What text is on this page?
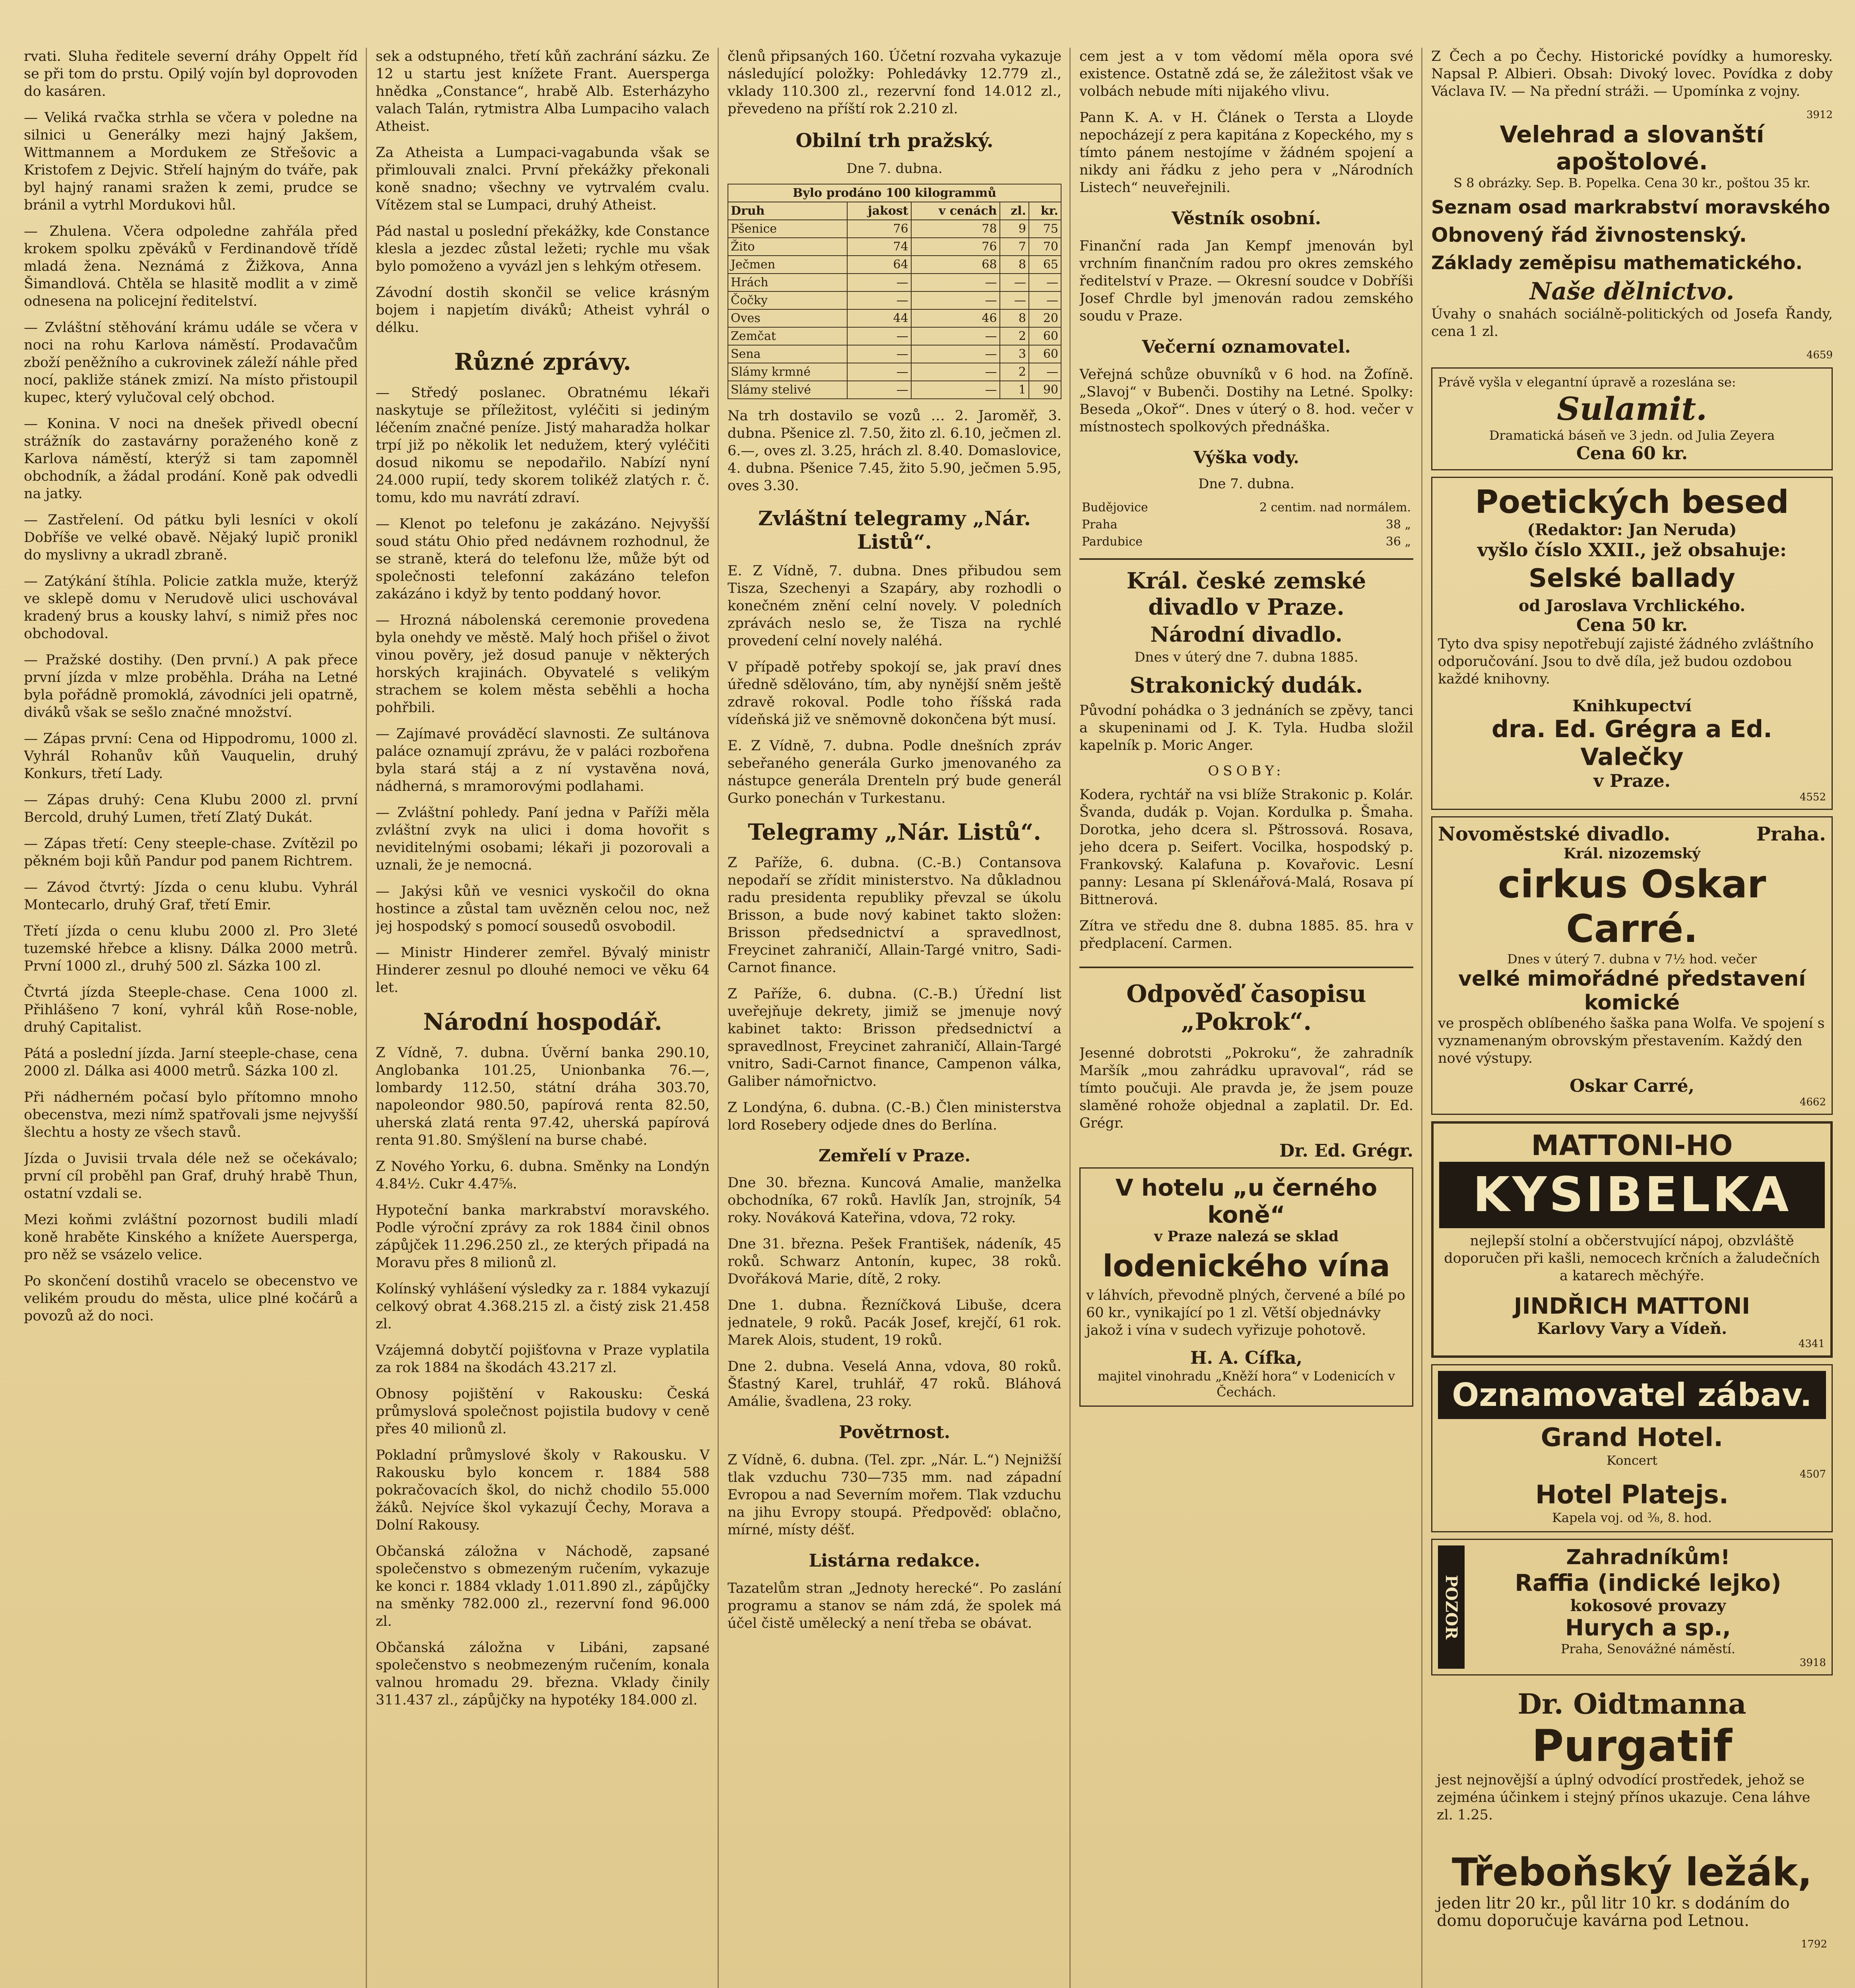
rvati. Sluha ředitele severní dráhy Oppelt říd se při tom do prstu. Opilý vojín byl doprovoden do kasáren.

— Veliká rvačka strhla se včera v poledne na silnici u Generálky mezi hajný Jakšem, Wittmannem a Mordukem ze Střešovic a Kristofem z Dejvic. Střelí hajným do tváře, pak byl hajný ranami sražen k zemi, prudce se bránil a vytrhl Mordukovi hůl.

— Zhulena. Včera odpoledne zahřála před krokem spolku zpěváků v Ferdinandově třídě mladá žena. Neznámá z Žižkova, Anna Šimandlová. Chtěla se hlasitě modlit a v zimě odnesena na policejní ředitelství.

— Zvláštní stěhování krámu udále se včera v noci na rohu Karlova náměstí. Prodavačům zboží peněžního a cukrovinek záleží náhle před nocí, pakliže stánek zmizí. Na místo přistoupil kupec, který vylučoval celý obchod.

— Konina. V noci na dnešek přivedl obecní strážník do zastavárny poraženého koně z Karlova náměstí, kterýž si tam zapomněl obchodník, a žádal prodání. Koně pak odvedli na jatky.

— Zastřelení. Od pátku byli lesníci v okolí Dobříše ve velké obavě. Nějaký lupič pronikl do myslivny a ukradl zbraně.

— Zatýkání štíhla. Policie zatkla muže, kterýž ve sklepě domu v Nerudově ulici uschovával kradený brus a kousky lahví, s nimiž přes noc obchodoval.

— Pražské dostihy. (Den první.) A pak přece první jízda v mlze proběhla. Dráha na Letné byla pořádně promoklá, závodníci jeli opatrně, diváků však se sešlo značné množství.

— Zápas první: Cena od Hippodromu, 1000 zl. Vyhrál Rohanův kůň Vauquelin, druhý Konkurs, třetí Lady.

— Zápas druhý: Cena Klubu 2000 zl. první Bercold, druhý Lumen, třetí Zlatý Dukát.

— Zápas třetí: Ceny steeple-chase. Zvítězil po pěkném boji kůň Pandur pod panem Richtrem.

— Závod čtvrtý: Jízda o cenu klubu. Vyhrál Montecarlo, druhý Graf, třetí Emir.

Třetí jízda o cenu klubu 2000 zl. Pro 3leté tuzemské hřebce a klisny. Dálka 2000 metrů. První 1000 zl., druhý 500 zl. Sázka 100 zl.

Čtvrtá jízda Steeple-chase. Cena 1000 zl. Přihlášeno 7 koní, vyhrál kůň Rose-noble, druhý Capitalist.

Pátá a poslední jízda. Jarní steeple-chase, cena 2000 zl. Dálka asi 4000 metrů. Sázka 100 zl.

Při nádherném počasí bylo přítomno mnoho obecenstva, mezi nímž spatřovali jsme nejvyšší šlechtu a hosty ze všech stavů.

Jízda o Juvisii trvala déle než se očekávalo; první cíl proběhl pan Graf, druhý hrabě Thun, ostatní vzdali se.

Mezi koňmi zvláštní pozornost budili mladí koně hraběte Kinského a knížete Auersperga, pro něž se vsázelo velice.

Po skončení dostihů vracelo se obecenstvo ve velikém proudu do města, ulice plné kočárů a povozů až do noci.

sek a odstupného, třetí kůň zachrání sázku. Ze 12 u startu jest knížete Frant. Auersperga hnědka „Constance“, hrabě Alb. Esterházyho valach Talán, rytmistra Alba Lumpaciho valach Atheist.

Za Atheista a Lumpaci-vagabunda však se přimlouvali znalci. První překážky překonali koně snadno; všechny ve vytrvalém cvalu. Vítězem stal se Lumpaci, druhý Atheist.

Pád nastal u poslední překážky, kde Constance klesla a jezdec zůstal ležeti; rychle mu však bylo pomoženo a vyvázl jen s lehkým otřesem.

Závodní dostih skončil se velice krásným bojem i napjetím diváků; Atheist vyhrál o délku.

Různé zprávy.

— Středý poslanec. Obratnému lékaři naskytuje se příležitost, vyléčiti si jediným léčením značné peníze. Jistý maharadža holkar trpí již po několik let nedužem, který vyléčiti dosud nikomu se nepodařilo. Nabízí nyní 24.000 rupií, tedy skorem tolikéž zlatých r. č. tomu, kdo mu navrátí zdraví.

— Klenot po telefonu je zakázáno. Nejvyšší soud státu Ohio před nedávnem rozhodnul, že se straně, která do telefonu lže, může být od společnosti telefonní zakázáno telefon zakázáno i když by tento poddaný hovor.

— Hrozná nábolenská ceremonie provedena byla onehdy ve městě. Malý hoch přišel o život vinou pověry, jež dosud panuje v některých horských krajinách. Obyvatelé s velikým strachem se kolem města seběhli a hocha pohřbili.

— Zajímavé prováděcí slavnosti. Ze sultánova paláce oznamují zprávu, že v paláci rozbořena byla stará stáj a z ní vystavěna nová, nádherná, s mramorovými podlahami.

— Zvláštní pohledy. Paní jedna v Paříži měla zvláštní zvyk na ulici i doma hovořit s neviditelnými osobami; lékaři ji pozorovali a uznali, že je nemocná.

— Jakýsi kůň ve vesnici vyskočil do okna hostince a zůstal tam uvězněn celou noc, než jej hospodský s pomocí sousedů osvobodil.

— Ministr Hinderer zemřel. Bývalý ministr Hinderer zesnul po dlouhé nemoci ve věku 64 let.

Národní hospodář.

Z Vídně, 7. dubna. Úvěrní banka 290.10, Anglobanka 101.25, Unionbanka 76.—, lombardy 112.50, státní dráha 303.70, napoleondor 980.50, papírová renta 82.50, uherská zlatá renta 97.42, uherská papírová renta 91.80. Smýšlení na burse chabé.

Z Nového Yorku, 6. dubna. Směnky na Londýn 4.84½. Cukr 4.47⅝.

Hypoteční banka markrabství moravského. Podle výroční zprávy za rok 1884 činil obnos zápůjček 11.296.250 zl., ze kterých připadá na Moravu přes 8 milionů zl.

Kolínský vyhlášení výsledky za r. 1884 vykazují celkový obrat 4.368.215 zl. a čistý zisk 21.458 zl.

Vzájemná dobytčí pojišťovna v Praze vyplatila za rok 1884 na škodách 43.217 zl.

Obnosy pojištění v Rakousku: Česká průmyslová společnost pojistila budovy v ceně přes 40 milionů zl.

Pokladní průmyslové školy v Rakousku. V Rakousku bylo koncem r. 1884 588 pokračovacích škol, do nichž chodilo 55.000 žáků. Nejvíce škol vykazují Čechy, Morava a Dolní Rakousy.

Občanská záložna v Náchodě, zapsané společenstvo s obmezeným ručením, vykazuje ke konci r. 1884 vklady 1.011.890 zl., zápůjčky na směnky 782.000 zl., rezervní fond 96.000 zl.

Občanská záložna v Libáni, zapsané společenstvo s neobmezeným ručením, konala valnou hromadu 29. března. Vklady činily 311.437 zl., zápůjčky na hypotéky 184.000 zl.

členů připsaných 160. Účetní rozvaha vykazuje následující položky: Pohledávky 12.779 zl., vklady 110.300 zl., rezervní fond 14.012 zl., převedeno na příští rok 2.210 zl.

Obilní trh pražský.
Dne 7. dubna.
Bylo prodáno 100 kilogrammů				
Druh	jakost	v cenách	zl.	kr.
Pšenice	76	78	9	75
Žito	74	76	7	70
Ječmen	64	68	8	65
Hrách	—	—	—	—
Čočky	—	—	—	—
Oves	44	46	8	20
Zemčat	—	—	2	60
Sena	—	—	3	60
Slámy krmné	—	—	2	—
Slámy stelivé	—	—	1	90

Na trh dostavilo se vozů … 2. Jaroměř, 3. dubna. Pšenice zl. 7.50, žito zl. 6.10, ječmen zl. 6.—, oves zl. 3.25, hrách zl. 8.40. Domaslovice, 4. dubna. Pšenice 7.45, žito 5.90, ječmen 5.95, oves 3.30.

Zvláštní telegramy „Nár. Listů“.

E. Z Vídně, 7. dubna. Dnes přibudou sem Tisza, Szechenyi a Szapáry, aby rozhodli o konečném znění celní novely. V poledních zprávách neslo se, že Tisza na rychlé provedení celní novely naléhá.

V případě potřeby spokojí se, jak praví dnes úředně sdělováno, tím, aby nynější sněm ještě zdravě rokoval. Podle toho říšská rada vídeňská již ve sněmovně dokončena být musí.

E. Z Vídně, 7. dubna. Podle dnešních zpráv sebeřaného generála Gurko jmenovaného za nástupce generála Drenteln prý bude generál Gurko ponechán v Turkestanu.

Telegramy „Nár. Listů“.

Z Paříže, 6. dubna. (C.-B.) Contansova nepodaří se zřídit ministerstvo. Na důkladnou radu presidenta republiky převzal se úkolu Brisson, a bude nový kabinet takto složen: Brisson předsednictví a spravedlnost, Freycinet zahraničí, Allain-Targé vnitro, Sadi-Carnot finance.

Z Paříže, 6. dubna. (C.-B.) Úřední list uveřejňuje dekrety, jimiž se jmenuje nový kabinet takto: Brisson předsednictví a spravedlnost, Freycinet zahraničí, Allain-Targé vnitro, Sadi-Carnot finance, Campenon válka, Galiber námořnictvo.

Z Londýna, 6. dubna. (C.-B.) Člen ministerstva lord Rosebery odjede dnes do Berlína.

Zemřelí v Praze.

Dne 30. března. Kuncová Amalie, manželka obchodníka, 67 roků. Havlík Jan, strojník, 54 roky. Nováková Kateřina, vdova, 72 roky.

Dne 31. března. Pešek František, nádeník, 45 roků. Schwarz Antonín, kupec, 38 roků. Dvořáková Marie, dítě, 2 roky.

Dne 1. dubna. Řezníčková Libuše, dcera jednatele, 9 roků. Pacák Josef, krejčí, 61 rok. Marek Alois, student, 19 roků.

Dne 2. dubna. Veselá Anna, vdova, 80 roků. Šťastný Karel, truhlář, 47 roků. Bláhová Amálie, švadlena, 23 roky.

Povětrnost.

Z Vídně, 6. dubna. (Tel. zpr. „Nár. L.“) Nejnižší tlak vzduchu 730—735 mm. nad západní Evropou a nad Severním mořem. Tlak vzduchu na jihu Evropy stoupá. Předpověď: oblačno, mírné, místy déšť.

Listárna redakce.

Tazatelům stran „Jednoty herecké“. Po zaslání programu a stanov se nám zdá, že spolek má účel čistě umělecký a není třeba se obávat.

cem jest a v tom vědomí měla opora své existence. Ostatně zdá se, že záležitost však ve volbách nebude míti nijakého vlivu.

Pann K. A. v H. Článek o Tersta a Lloyde nepocházejí z pera kapitána z Kopeckého, my s tímto pánem nestojíme v žádném spojení a nikdy ani řádku z jeho pera v „Národních Listech“ neuveřejnili.

Věstník osobní.

Finanční rada Jan Kempf jmenován byl vrchním finančním radou pro okres zemského ředitelství v Praze. — Okresní soudce v Dobříši Josef Chrdle byl jmenován radou zemského soudu v Praze.

Večerní oznamovatel.

Veřejná schůze obuvníků v 6 hod. na Žofíně. „Slavoj“ v Bubenči. Dostihy na Letné. Spolky: Beseda „Okoř“. Dnes v úterý o 8. hod. večer v místnostech spolkových přednáška.

Výška vody.
Dne 7. dubna.
Budějovice	2 centim. nad normálem.
Praha	38 „
Pardubice	36 „
Král. české zemské divadlo v Praze.
Národní divadlo.
Dnes v úterý dne 7. dubna 1885.
Strakonický dudák.

Původní pohádka o 3 jednáních se zpěvy, tanci a skupeninami od J. K. Tyla. Hudba složil kapelník p. Moric Anger.

OSOBY:

Kodera, rychtář na vsi blíže Strakonic p. Kolár. Švanda, dudák p. Vojan. Kordulka p. Šmaha. Dorotka, jeho dcera sl. Pštrossová. Rosava, jeho dcera p. Seifert. Vocilka, hospodský p. Frankovský. Kalafuna p. Kovařovic. Lesní panny: Lesana pí Sklenářová-Malá, Rosava pí Bittnerová.

Zítra ve středu dne 8. dubna 1885. 85. hra v předplacení. Carmen.

Odpověď časopisu „Pokrok“.

Jesenné dobrotsti „Pokroku“, že zahradník Maršík „mou zahrádku upravoval“, rád se tímto poučuji. Ale pravda je, že jsem pouze slaměné rohože objednal a zaplatil. Dr. Ed. Grégr.

Dr. Ed. Grégr.
V hotelu „u černého koně“
v Praze nalezá se sklad
lodenického vína

v láhvích, převodně plných, červené a bílé po 60 kr., vynikající po 1 zl. Větší objednávky jakož i vína v sudech vyřizuje pohotově.

H. A. Cífka,
majitel vinohradu „Kněží hora“ v Lodenicích v Čechách.

Z Čech a po Čechy. Historické povídky a humoresky. Napsal P. Albieri. Obsah: Divoký lovec. Povídka z doby Václava IV. — Na přední stráži. — Upomínka z vojny.

3912
Velehrad a slovanští apoštolové.
S 8 obrázky. Sep. B. Popelka. Cena 30 kr., poštou 35 kr.
Seznam osad markrabství moravského
Obnovený řád živnostenský.
Základy zeměpisu mathematického.
Naše dělnictvo.

Úvahy o snahách sociálně-politických od Josefa Řandy, cena 1 zl.

4659
Právě vyšla v elegantní úpravě a rozeslána se:
Sulamit.
Dramatická báseň ve 3 jedn. od Julia Zeyera
Cena 60 kr.
Poetických besed
(Redaktor: Jan Neruda)
vyšlo číslo XXII., jež obsahuje:
Selské ballady
od Jaroslava Vrchlického.
Cena 50 kr.

Tyto dva spisy nepotřebují zajisté žádného zvláštního odporučování. Jsou to dvě díla, jež budou ozdobou každé knihovny.

Knihkupectví
dra. Ed. Grégra a Ed. Valečky
v Praze.
4552
Novoměstské divadlo.	Praha.
Král. nizozemský
cirkus Oskar Carré.
Dnes v úterý 7. dubna v 7½ hod. večer
velké mimořádné představení komické

ve prospěch oblíbeného šaška pana Wolfa. Ve spojení s vyznamenaným obrovským přestavením. Každý den nové výstupy.

Oskar Carré,
4662
MATTONI-HO
KYSIBELKA

nejlepší stolní a občerstvující nápoj, obzvláště doporučen při kašli, nemocech krčních a žaludečních a katarech měchýře.

JINDŘICH MATTONI
Karlovy Vary a Vídeň.
4341
Oznamovatel zábav.
Grand Hotel.
Koncert
4507
Hotel Platejs.
Kapela voj. od ⅜, 8. hod.
POZOR
Zahradníkům!
Raffia (indické lejko)
kokosové provazy
Hurych a sp.,
Praha, Senovážné náměstí.
3918
Dr. Oidtmanna
Purgatif

jest nejnovější a úplný odvodící prostředek, jehož se zejména účinkem i stejný přínos ukazuje. Cena láhve zl. 1.25.

Třeboňský ležák,

jeden litr 20 kr., půl litr 10 kr. s dodáním do domu doporučuje kavárna pod Letnou.

1792
